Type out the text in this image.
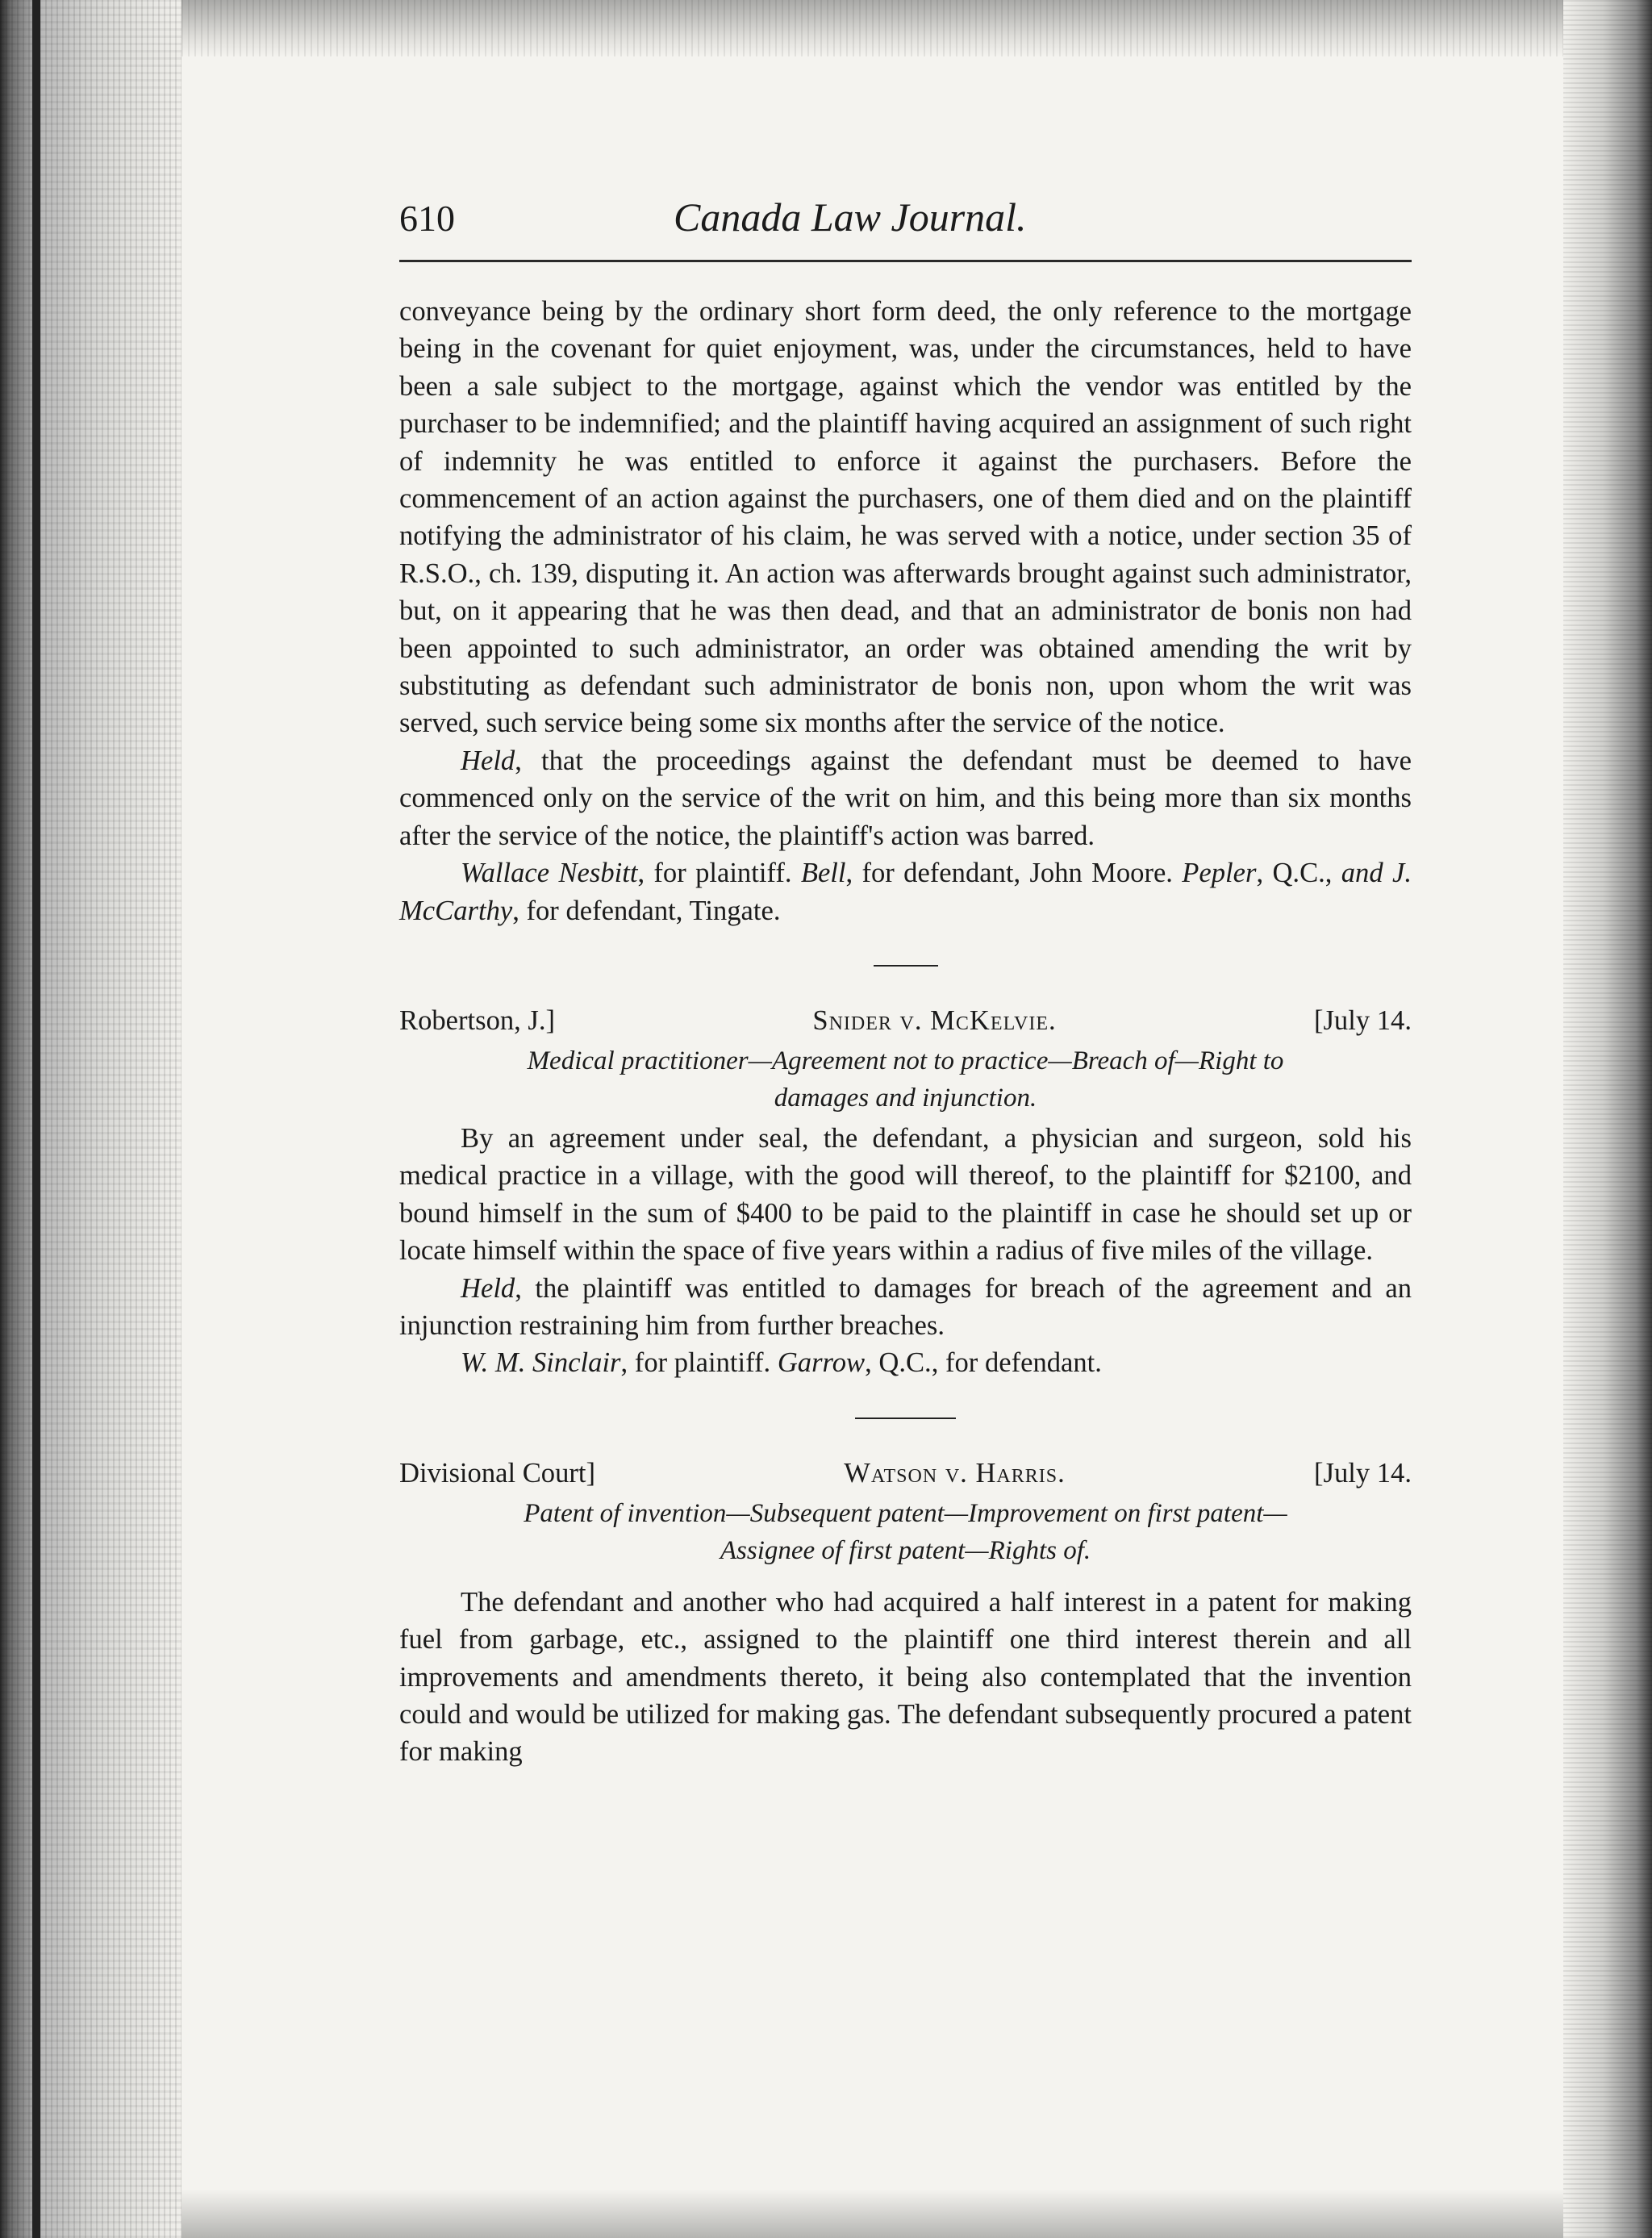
610	Canada Law Journal.

conveyance being by the ordinary short form deed, the only reference to the mortgage being in the covenant for quiet enjoyment, was, under the circumstances, held to have been a sale subject to the mortgage, against which the vendor was entitled by the purchaser to be indemnified; and the plaintiff having acquired an assignment of such right of indemnity he was entitled to enforce it against the purchasers. Before the commencement of an action against the purchasers, one of them died and on the plaintiff notifying the administrator of his claim, he was served with a notice, under section 35 of R.S.O., ch. 139, disputing it. An action was afterwards brought against such administrator, but, on it appearing that he was then dead, and that an administrator de bonis non had been appointed to such administrator, an order was obtained amending the writ by substituting as defendant such administrator de bonis non, upon whom the writ was served, such service being some six months after the service of the notice.

Held, that the proceedings against the defendant must be deemed to have commenced only on the service of the writ on him, and this being more than six months after the service of the notice, the plaintiff's action was barred.

Wallace Nesbitt, for plaintiff. Bell, for defendant, John Moore. Pepler, Q.C., and J. McCarthy, for defendant, Tingate.

Robertson, J.]	Snider v. McKelvie.	[July 14.
Medical practitioner—Agreement not to practice—Breach of—Right to
damages and injunction.

By an agreement under seal, the defendant, a physician and surgeon, sold his medical practice in a village, with the good will thereof, to the plaintiff for $2100, and bound himself in the sum of $400 to be paid to the plaintiff in case he should set up or locate himself within the space of five years within a radius of five miles of the village.

Held, the plaintiff was entitled to damages for breach of the agreement and an injunction restraining him from further breaches.

W. M. Sinclair, for plaintiff. Garrow, Q.C., for defendant.

Divisional Court]	Watson v. Harris.	[July 14.
Patent of invention—Subsequent patent—Improvement on first patent—
Assignee of first patent—Rights of.

The defendant and another who had acquired a half interest in a patent for making fuel from garbage, etc., assigned to the plaintiff one third interest therein and all improvements and amendments thereto, it being also contemplated that the invention could and would be utilized for making gas. The defendant subsequently procured a patent for making
